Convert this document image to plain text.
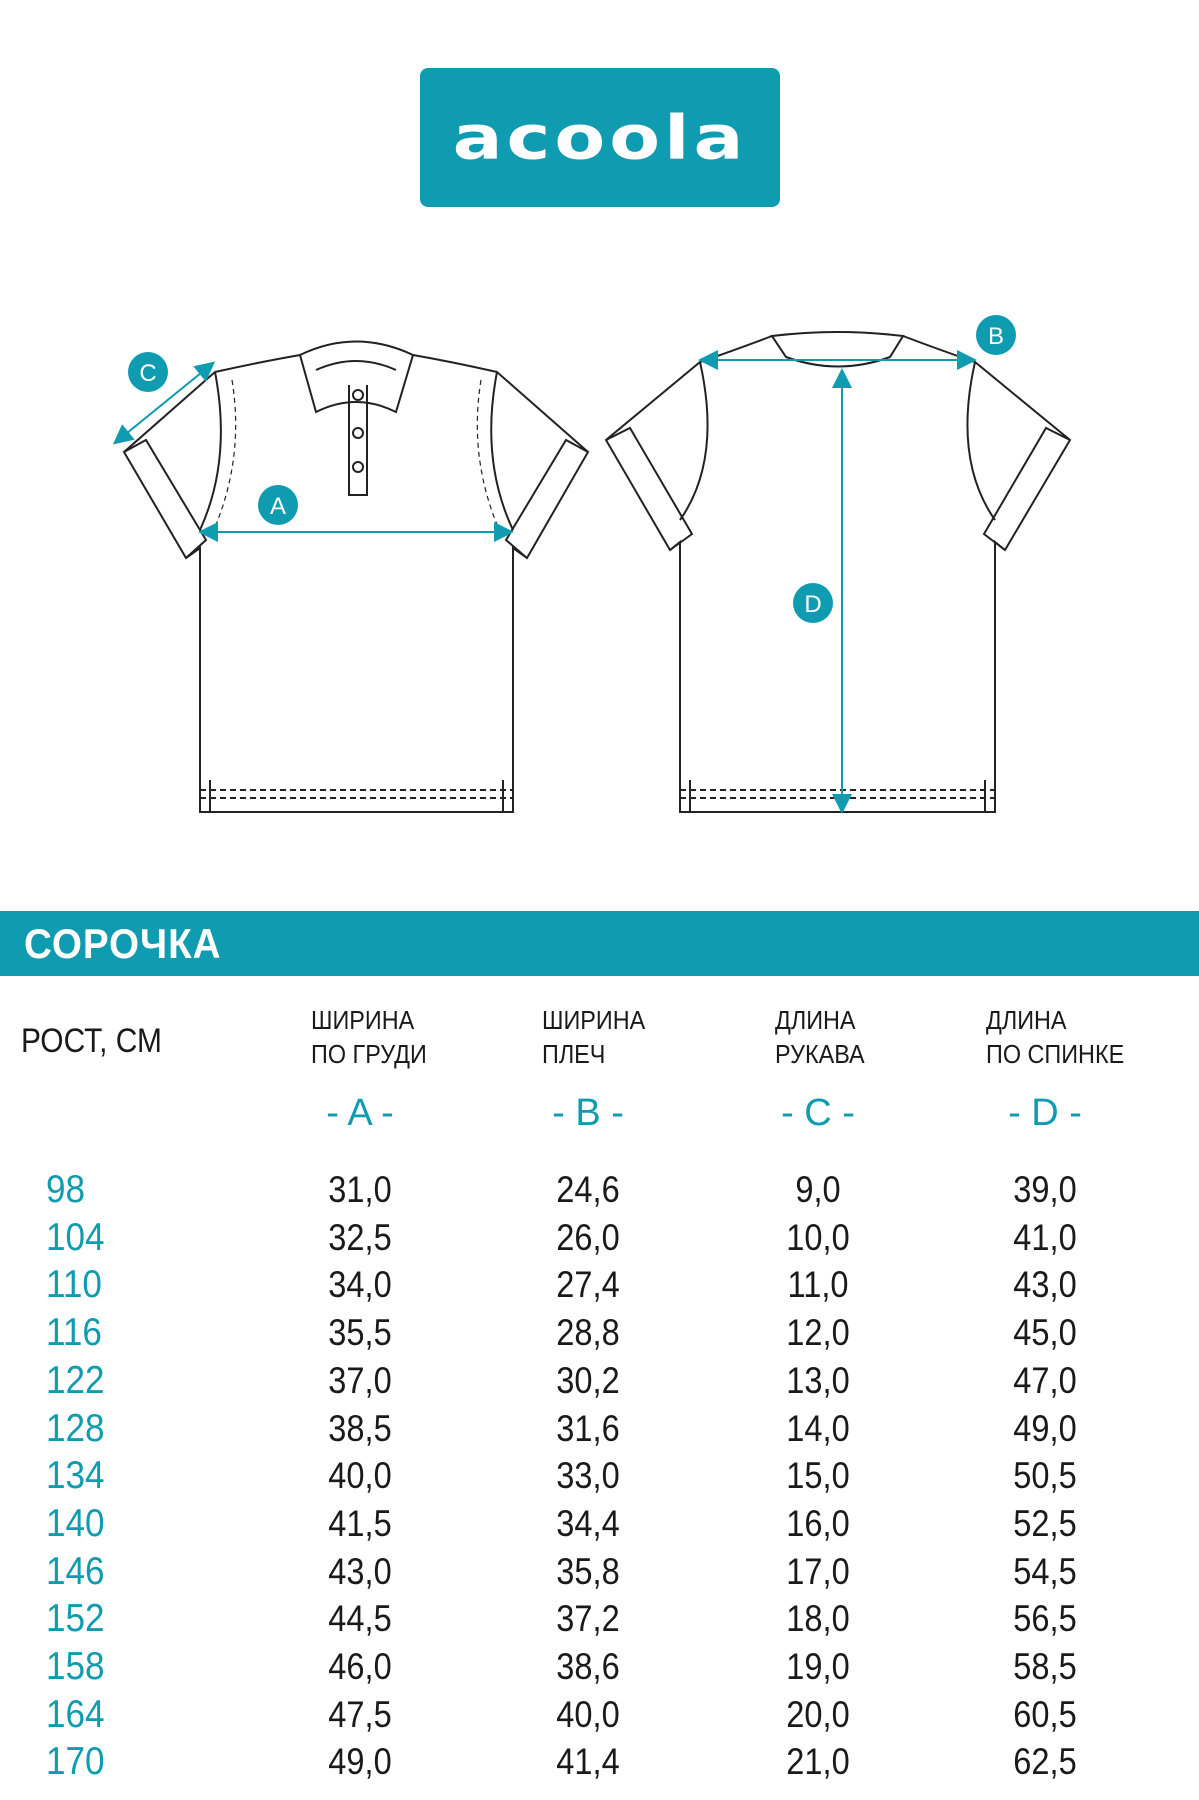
acoola
A
B
C
D
СОРОЧКА
РОСТ, СМ
ШИРИНА
ПО ГРУДИ
ШИРИНА
ПЛЕЧ
ДЛИНА
РУКАВА
ДЛИНА
ПО СПИНКЕ
- A -	- B -	- C -	- D -
98	31,0	24,6	9,0	39,0
104	32,5	26,0	10,0	41,0
110	34,0	27,4	11,0	43,0
116	35,5	28,8	12,0	45,0
122	37,0	30,2	13,0	47,0
128	38,5	31,6	14,0	49,0
134	40,0	33,0	15,0	50,5
140	41,5	34,4	16,0	52,5
146	43,0	35,8	17,0	54,5
152	44,5	37,2	18,0	56,5
158	46,0	38,6	19,0	58,5
164	47,5	40,0	20,0	60,5
170	49,0	41,4	21,0	62,5
